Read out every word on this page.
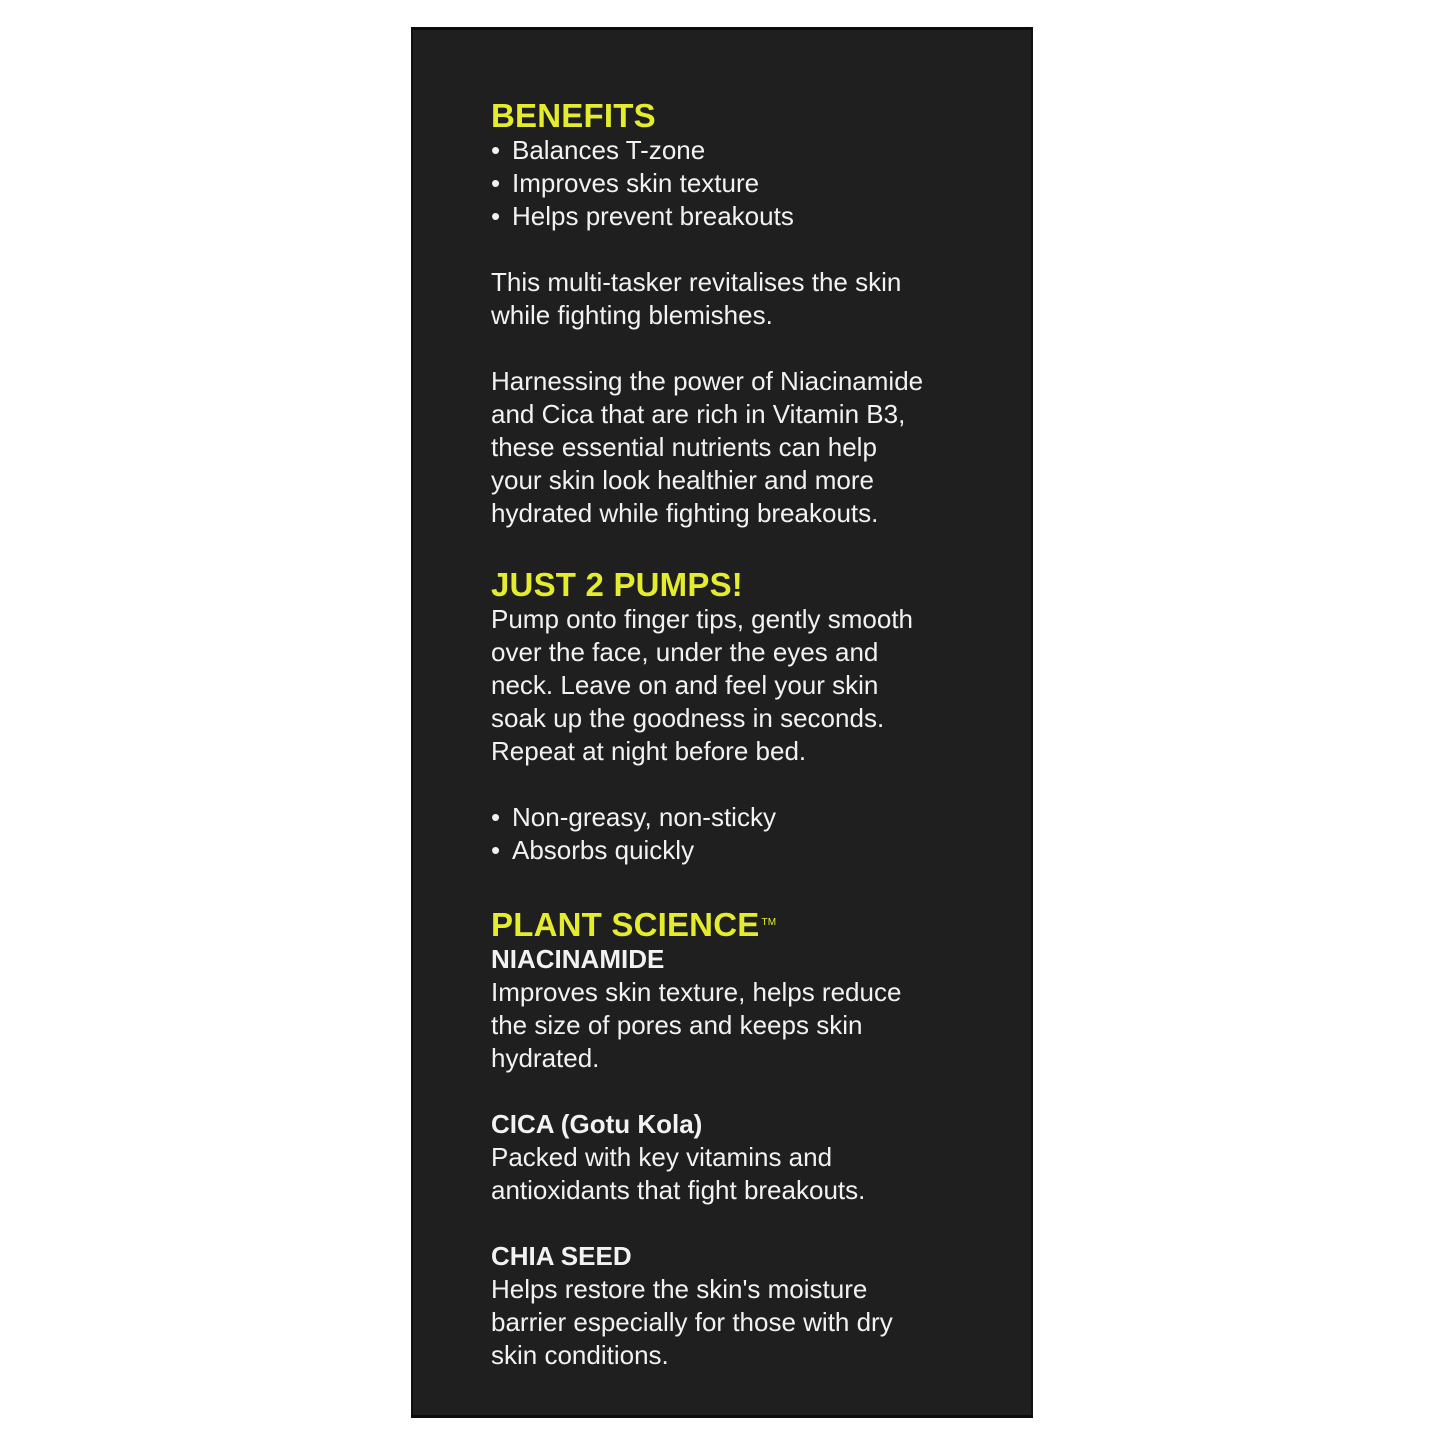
BENEFITS
• Balances T-zone
• Improves skin texture
• Helps prevent breakouts
This multi-tasker revitalises the skin
while fighting blemishes.
Harnessing the power of Niacinamide
and Cica that are rich in Vitamin B3,
these essential nutrients can help
your skin look healthier and more
hydrated while fighting breakouts.
JUST 2 PUMPS!
Pump onto finger tips, gently smooth
over the face, under the eyes and
neck. Leave on and feel your skin
soak up the goodness in seconds.
Repeat at night before bed.
• Non-greasy, non-sticky
• Absorbs quickly
PLANT SCIENCE ™
NIACINAMIDE
Improves skin texture, helps reduce
the size of pores and keeps skin
hydrated.
CICA (Gotu Kola)
Packed with key vitamins and
antioxidants that fight breakouts.
CHIA SEED
Helps restore the skin's moisture
barrier especially for those with dry
skin conditions.
